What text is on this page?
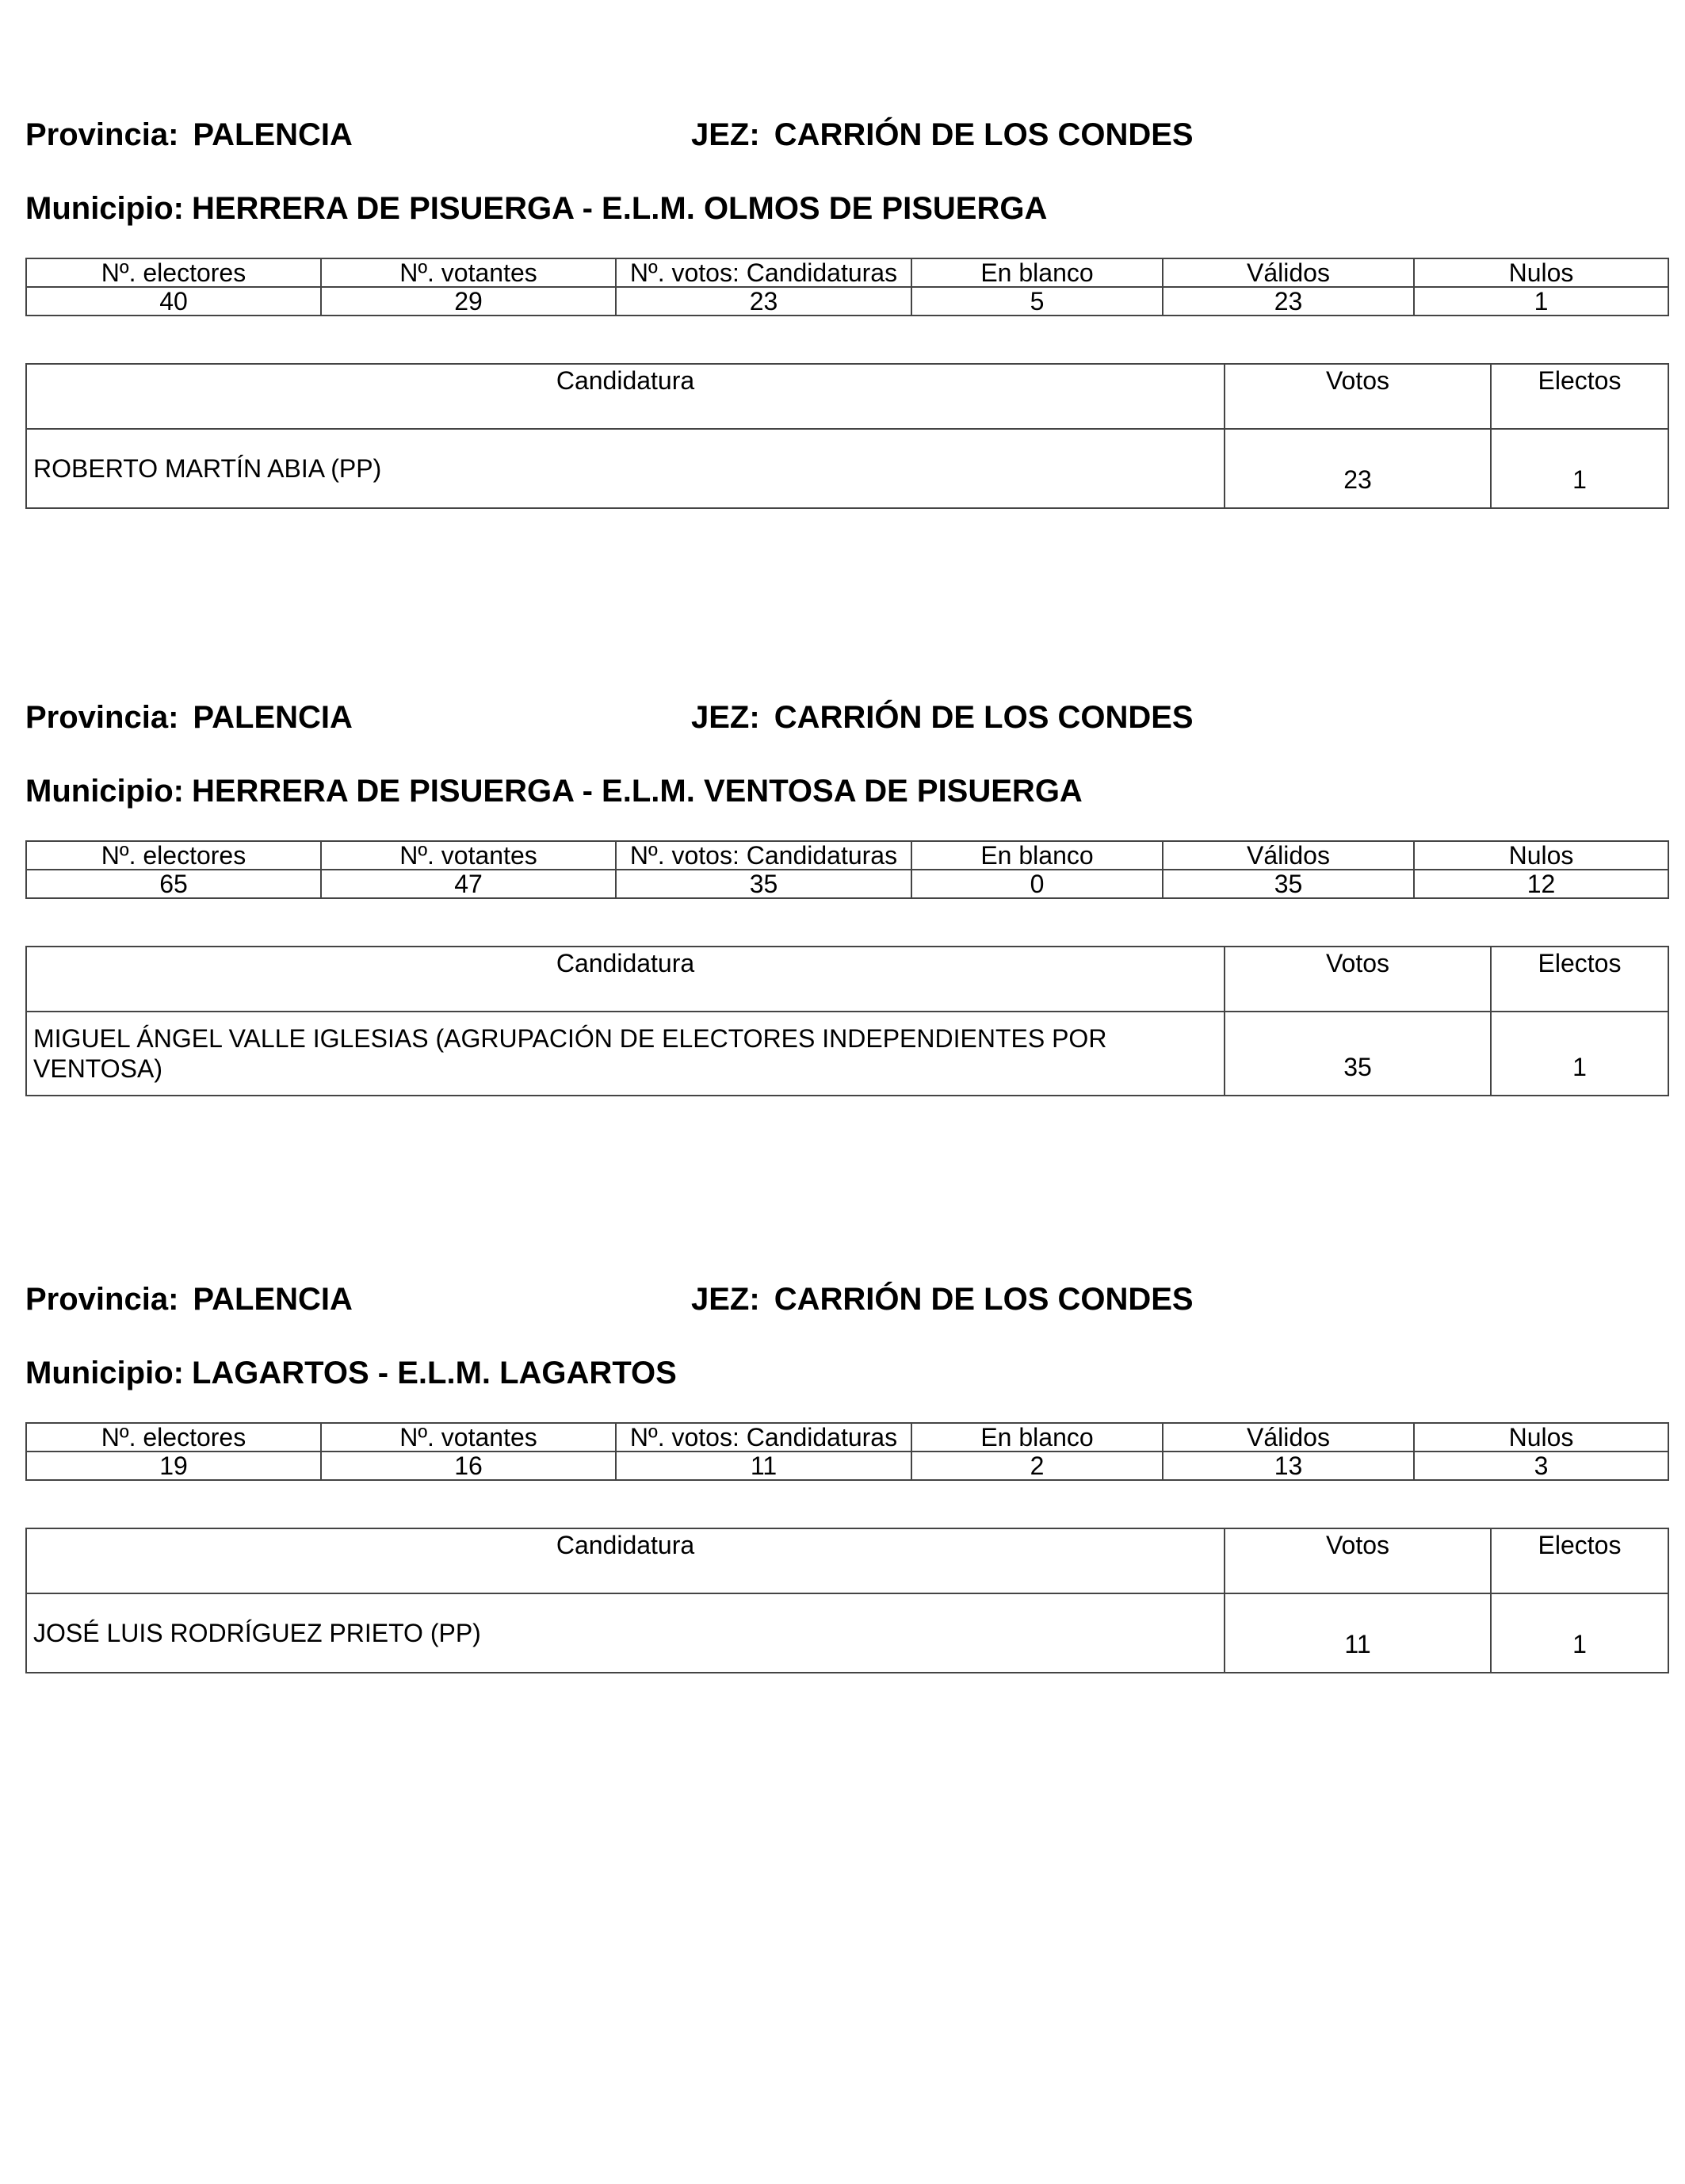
Provincia: PALENCIA	JEZ: CARRIÓN DE LOS CONDES
Municipio: HERRERA DE PISUERGA - E.L.M. OLMOS DE PISUERGA
Nº. electores	Nº. votantes	Nº. votos: Candidaturas	En blanco	Válidos	Nulos
40	29	23	5	23	1
Candidatura	Votos	Electos
ROBERTO MARTÍN ABIA (PP)	23	1
Provincia: PALENCIA	JEZ: CARRIÓN DE LOS CONDES
Municipio: HERRERA DE PISUERGA - E.L.M. VENTOSA DE PISUERGA
Nº. electores	Nº. votantes	Nº. votos: Candidaturas	En blanco	Válidos	Nulos
65	47	35	0	35	12
Candidatura	Votos	Electos
MIGUEL ÁNGEL VALLE IGLESIAS (AGRUPACIÓN DE ELECTORES INDEPENDIENTES POR VENTOSA)	35	1
Provincia: PALENCIA	JEZ: CARRIÓN DE LOS CONDES
Municipio: LAGARTOS - E.L.M. LAGARTOS
Nº. electores	Nº. votantes	Nº. votos: Candidaturas	En blanco	Válidos	Nulos
19	16	11	2	13	3
Candidatura	Votos	Electos
JOSÉ LUIS RODRÍGUEZ PRIETO (PP)	11	1
